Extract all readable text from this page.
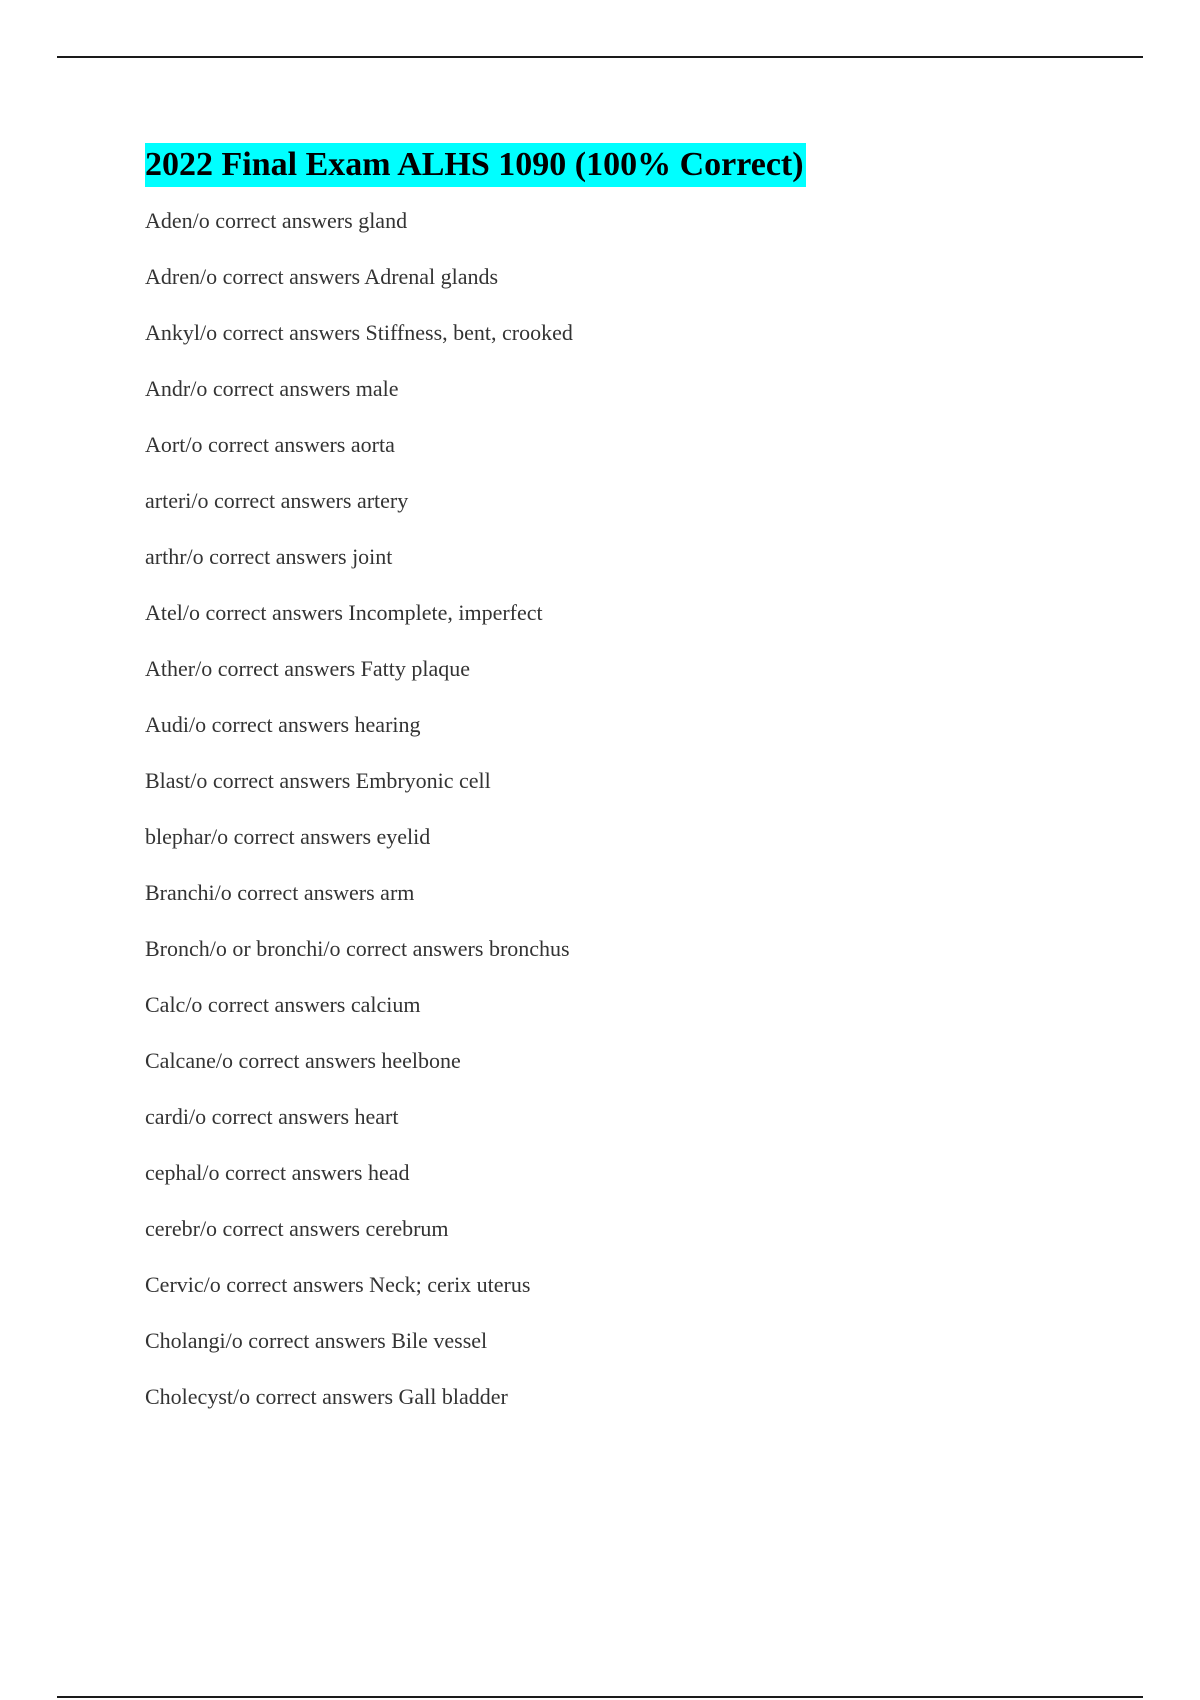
2022 Final Exam ALHS 1090 (100% Correct)
Aden/o correct answers gland
Adren/o correct answers Adrenal glands
Ankyl/o correct answers Stiffness, bent, crooked
Andr/o correct answers male
Aort/o correct answers aorta
arteri/o correct answers artery
arthr/o correct answers joint
Atel/o correct answers Incomplete, imperfect
Ather/o correct answers Fatty plaque
Audi/o correct answers hearing
Blast/o correct answers Embryonic cell
blephar/o correct answers eyelid
Branchi/o correct answers arm
Bronch/o or bronchi/o correct answers bronchus
Calc/o correct answers calcium
Calcane/o correct answers heelbone
cardi/o correct answers heart
cephal/o correct answers head
cerebr/o correct answers cerebrum
Cervic/o correct answers Neck; cerix uterus
Cholangi/o correct answers Bile vessel
Cholecyst/o correct answers Gall bladder
